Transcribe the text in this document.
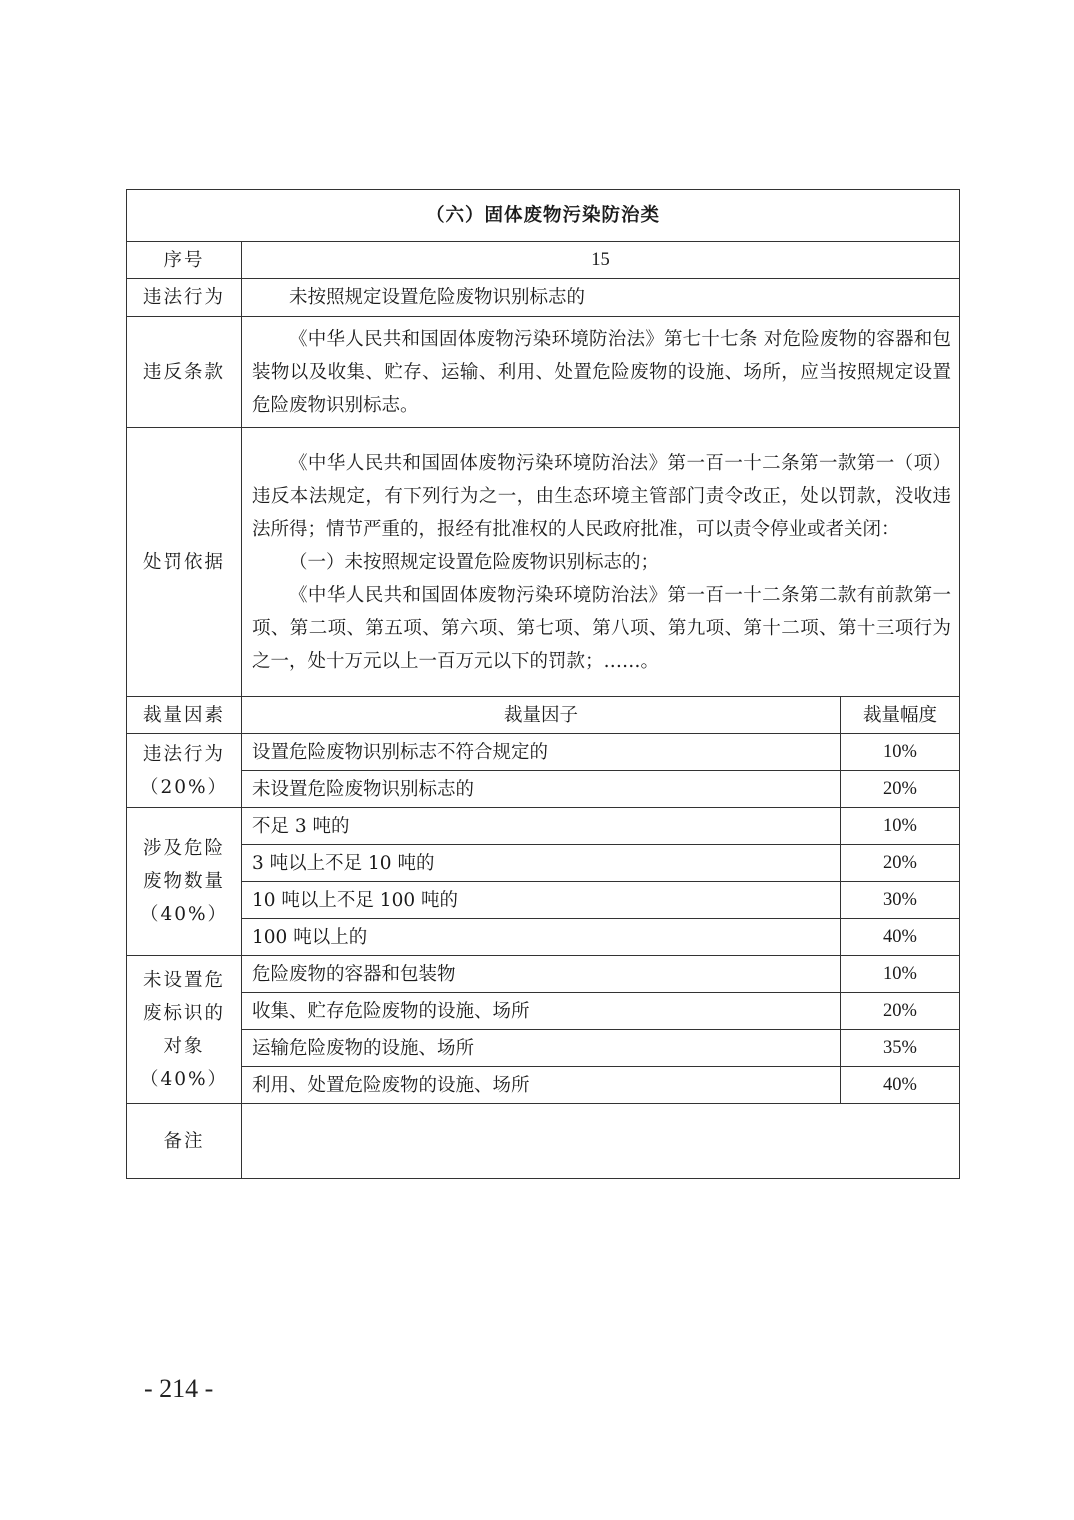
（六）固体废物污染防治类		
序号	15	
违法行为	未按照规定设置危险废物识别标志的	

违反条款	《中华人民共和国固体废物污染环境防治法》第七十七条 对危险废物的容器和包装物以及收集、贮存、运输、利用、处置危险废物的设施、场所，应当按照规定设置危险废物识别标志。	

处罚依据	《中华人民共和国固体废物污染环境防治法》第一百一十二条第一款第一（项） 违反本法规定，有下列行为之一，由生态环境主管部门责令改正，处以罚款，没收违法所得；情节严重的，报经有批准权的人民政府批准，可以责令停业或者关闭：

（一）未按照规定设置危险废物识别标志的；

《中华人民共和国固体废物污染环境防治法》第一百一十二条第二款有前款第一项、第二项、第五项、第六项、第七项、第八项、第九项、第十二项、第十三项行为之一，处十万元以上一百万元以下的罚款；……。	

裁量因素	裁量因子	裁量幅度

违法行为
（20%）	设置危险废物识别标志不符合规定的	10%
	未设置危险废物识别标志的	20%

涉及危险
废物数量
（40%）	不足 3 吨的	10%
	3 吨以上不足 10 吨的	20%
	10 吨以上不足 100 吨的	30%
	100 吨以上的	40%

未设置危
废标识的
对象
（40%）	危险废物的容器和包装物	10%
	收集、贮存危险废物的设施、场所	20%
	运输危险废物的设施、场所	35%
	利用、处置危险废物的设施、场所	40%
备注		
- 214 -
